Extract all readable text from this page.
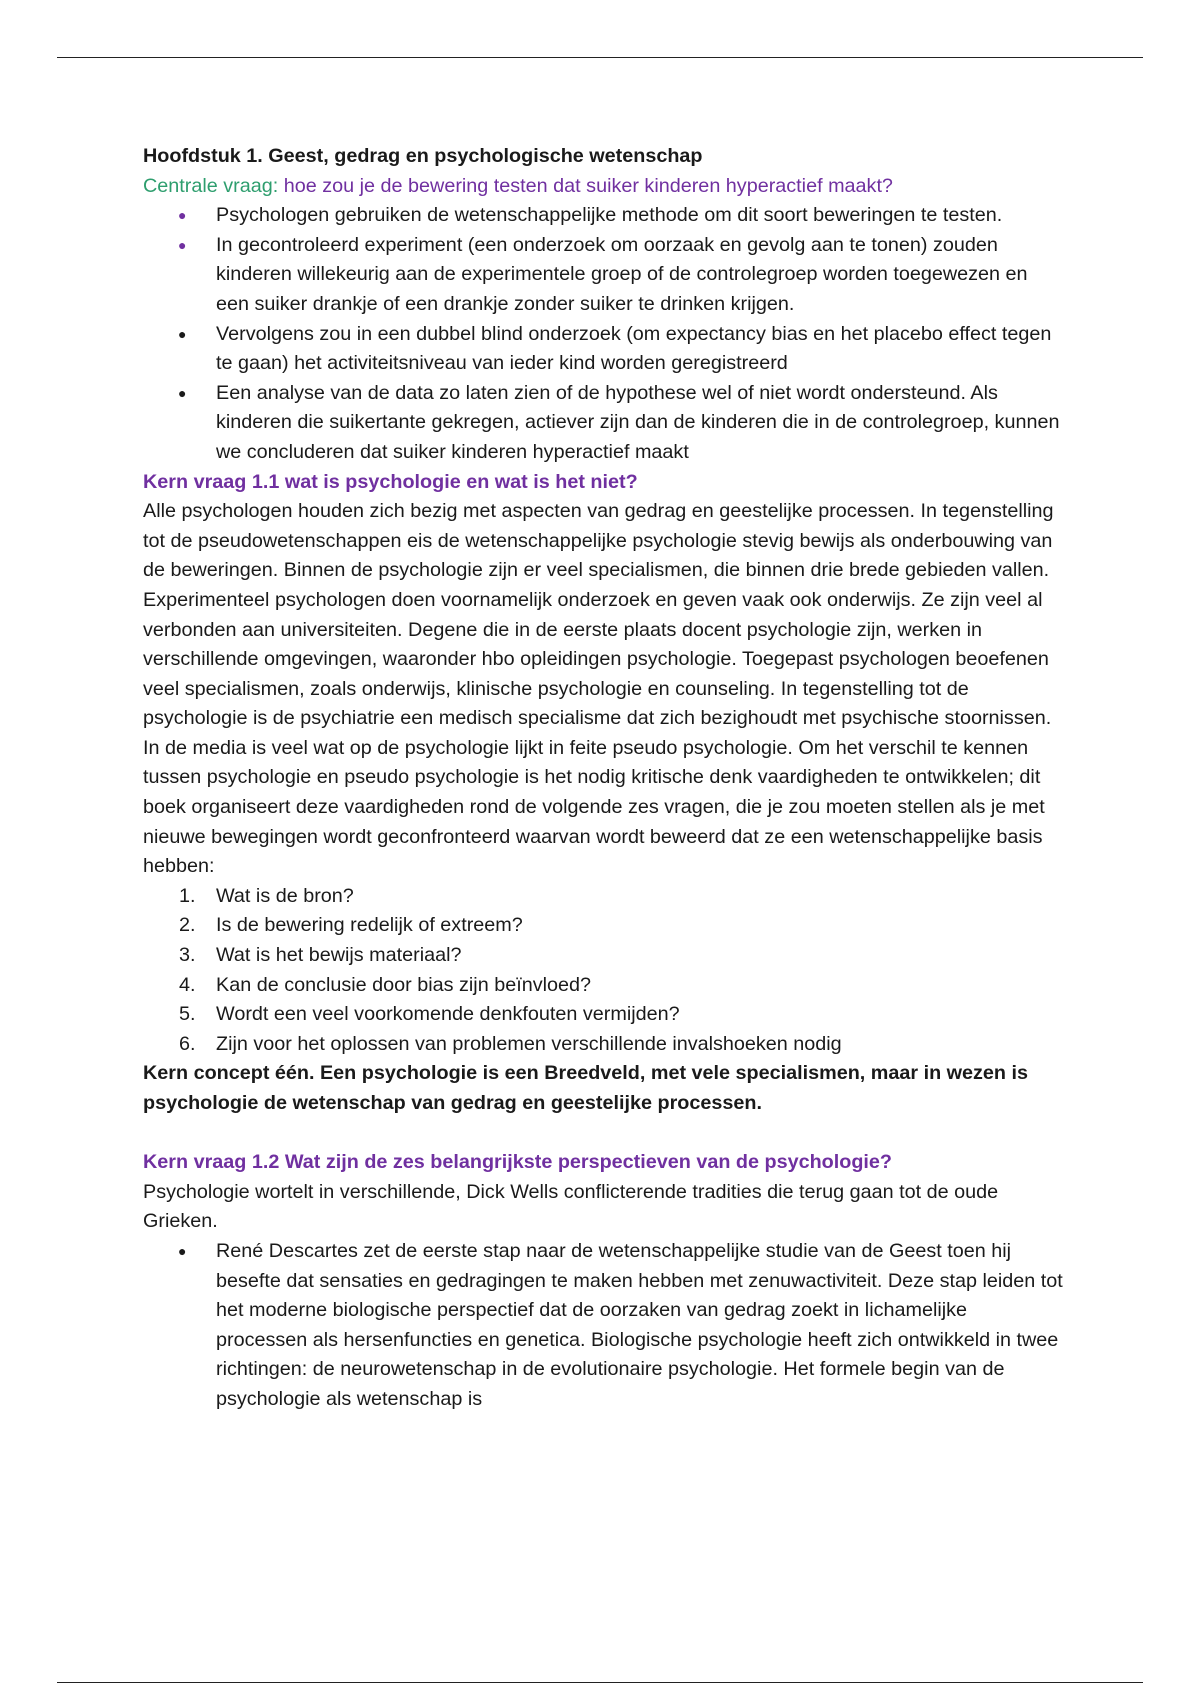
Hoofdstuk 1. Geest, gedrag en psychologische wetenschap

Centrale vraag: hoe zou je de bewering testen dat suiker kinderen hyperactief maakt?

● Psychologen gebruiken de wetenschappelijke methode om dit soort beweringen te testen.
● In gecontroleerd experiment (een onderzoek om oorzaak en gevolg aan te tonen) zouden kinderen willekeurig aan de experimentele groep of de controlegroep worden toegewezen en een suiker drankje of een drankje zonder suiker te drinken krijgen.
● Vervolgens zou in een dubbel blind onderzoek (om expectancy bias en het placebo effect tegen te gaan) het activiteitsniveau van ieder kind worden geregistreerd
● Een analyse van de data zo laten zien of de hypothese wel of niet wordt ondersteund. Als kinderen die suikertante gekregen, actiever zijn dan de kinderen die in de controlegroep, kunnen we concluderen dat suiker kinderen hyperactief maakt

Kern vraag 1.1 wat is psychologie en wat is het niet?

Alle psychologen houden zich bezig met aspecten van gedrag en geestelijke processen. In tegenstelling tot de pseudowetenschappen eis de wetenschappelijke psychologie stevig bewijs als onderbouwing van de beweringen. Binnen de psychologie zijn er veel specialismen, die binnen drie brede gebieden vallen. Experimenteel psychologen doen voornamelijk onderzoek en geven vaak ook onderwijs. Ze zijn veel al verbonden aan universiteiten. Degene die in de eerste plaats docent psychologie zijn, werken in verschillende omgevingen, waaronder hbo opleidingen psychologie. Toegepast psychologen beoefenen veel specialismen, zoals onderwijs, klinische psychologie en counseling. In tegenstelling tot de psychologie is de psychiatrie een medisch specialisme dat zich bezighoudt met psychische stoornissen.

In de media is veel wat op de psychologie lijkt in feite pseudo psychologie. Om het verschil te kennen tussen psychologie en pseudo psychologie is het nodig kritische denk vaardigheden te ontwikkelen; dit boek organiseert deze vaardigheden rond de volgende zes vragen, die je zou moeten stellen als je met nieuwe bewegingen wordt geconfronteerd waarvan wordt beweerd dat ze een wetenschappelijke basis hebben:

1. Wat is de bron?
2. Is de bewering redelijk of extreem?
3. Wat is het bewijs materiaal?
4. Kan de conclusie door bias zijn beïnvloed?
5. Wordt een veel voorkomende denkfouten vermijden?
6. Zijn voor het oplossen van problemen verschillende invalshoeken nodig

Kern concept één. Een psychologie is een Breedveld, met vele specialismen, maar in wezen is psychologie de wetenschap van gedrag en geestelijke processen.

Kern vraag 1.2 Wat zijn de zes belangrijkste perspectieven van de psychologie?

Psychologie wortelt in verschillende, Dick Wells conflicterende tradities die terug gaan tot de oude Grieken.

● René Descartes zet de eerste stap naar de wetenschappelijke studie van de Geest toen hij besefte dat sensaties en gedragingen te maken hebben met zenuwactiviteit. Deze stap leiden tot het moderne biologische perspectief dat de oorzaken van gedrag zoekt in lichamelijke processen als hersenfuncties en genetica. Biologische psychologie heeft zich ontwikkeld in twee richtingen: de neurowetenschap in de evolutionaire psychologie. Het formele begin van de psychologie als wetenschap is
